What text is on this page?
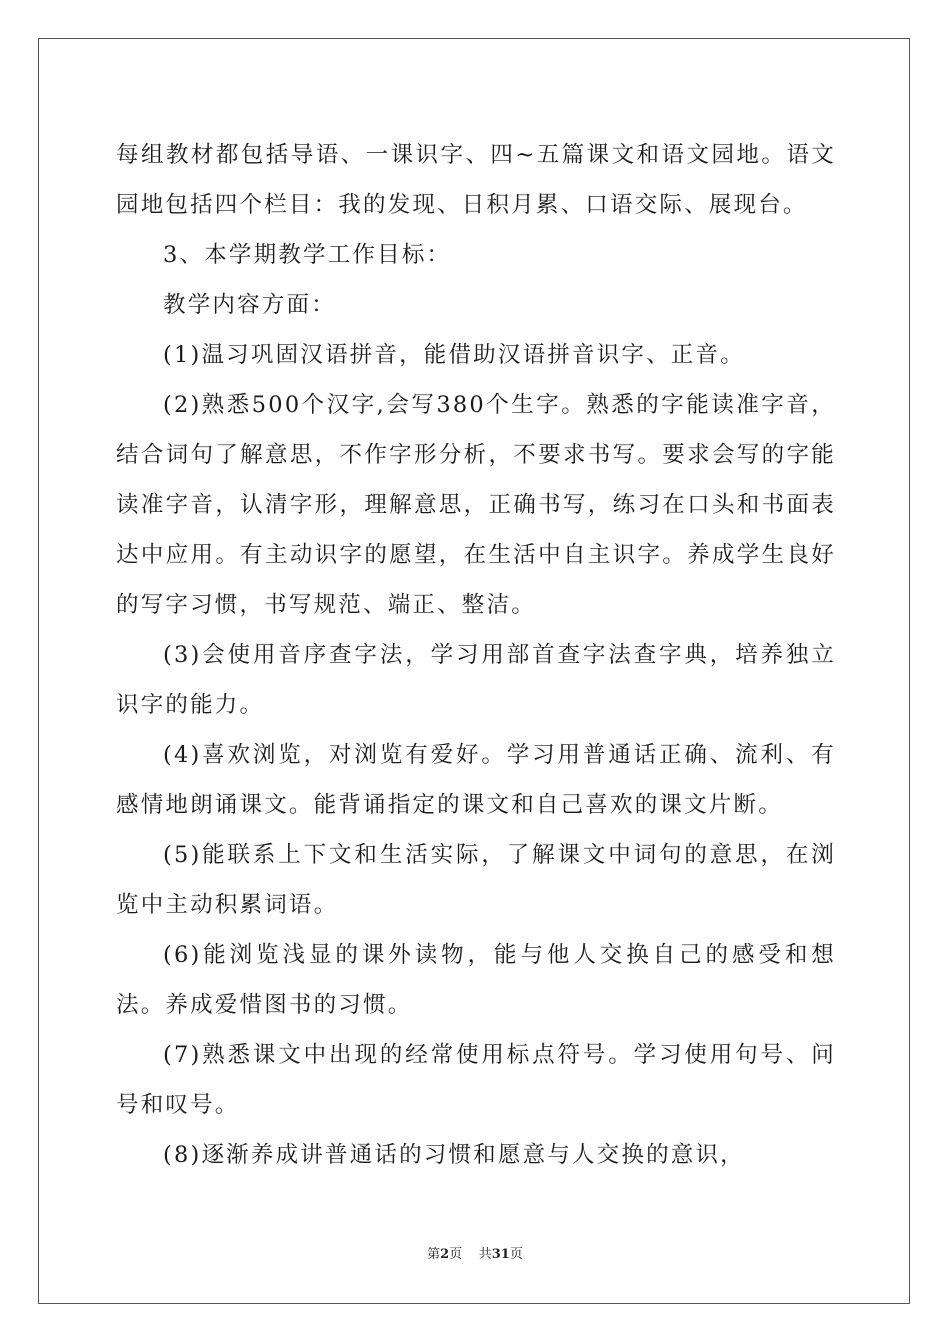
每组教材都包括导语、一课识字、四~五篇课文和语文园地。语文园地包括四个栏目：我的发现、日积月累、口语交际、展现台。

3、本学期教学工作目标：

教学内容方面：

(1)温习巩固汉语拼音，能借助汉语拼音识字、正音。

(2)熟悉500个汉字,会写380个生字。熟悉的字能读准字音，结合词句了解意思，不作字形分析，不要求书写。要求会写的字能读准字音，认清字形，理解意思，正确书写，练习在口头和书面表达中应用。有主动识字的愿望，在生活中自主识字。养成学生良好的写字习惯，书写规范、端正、整洁。

(3)会使用音序查字法，学习用部首查字法查字典，培养独立识字的能力。

(4)喜欢浏览，对浏览有爱好。学习用普通话正确、流利、有感情地朗诵课文。能背诵指定的课文和自己喜欢的课文片断。

(5)能联系上下文和生活实际，了解课文中词句的意思，在浏览中主动积累词语。

(6)能浏览浅显的课外读物，能与他人交换自己的感受和想法。养成爱惜图书的习惯。

(7)熟悉课文中出现的经常使用标点符号。学习使用句号、问号和叹号。

(8)逐渐养成讲普通话的习惯和愿意与人交换的意识，

第2页 共31页
